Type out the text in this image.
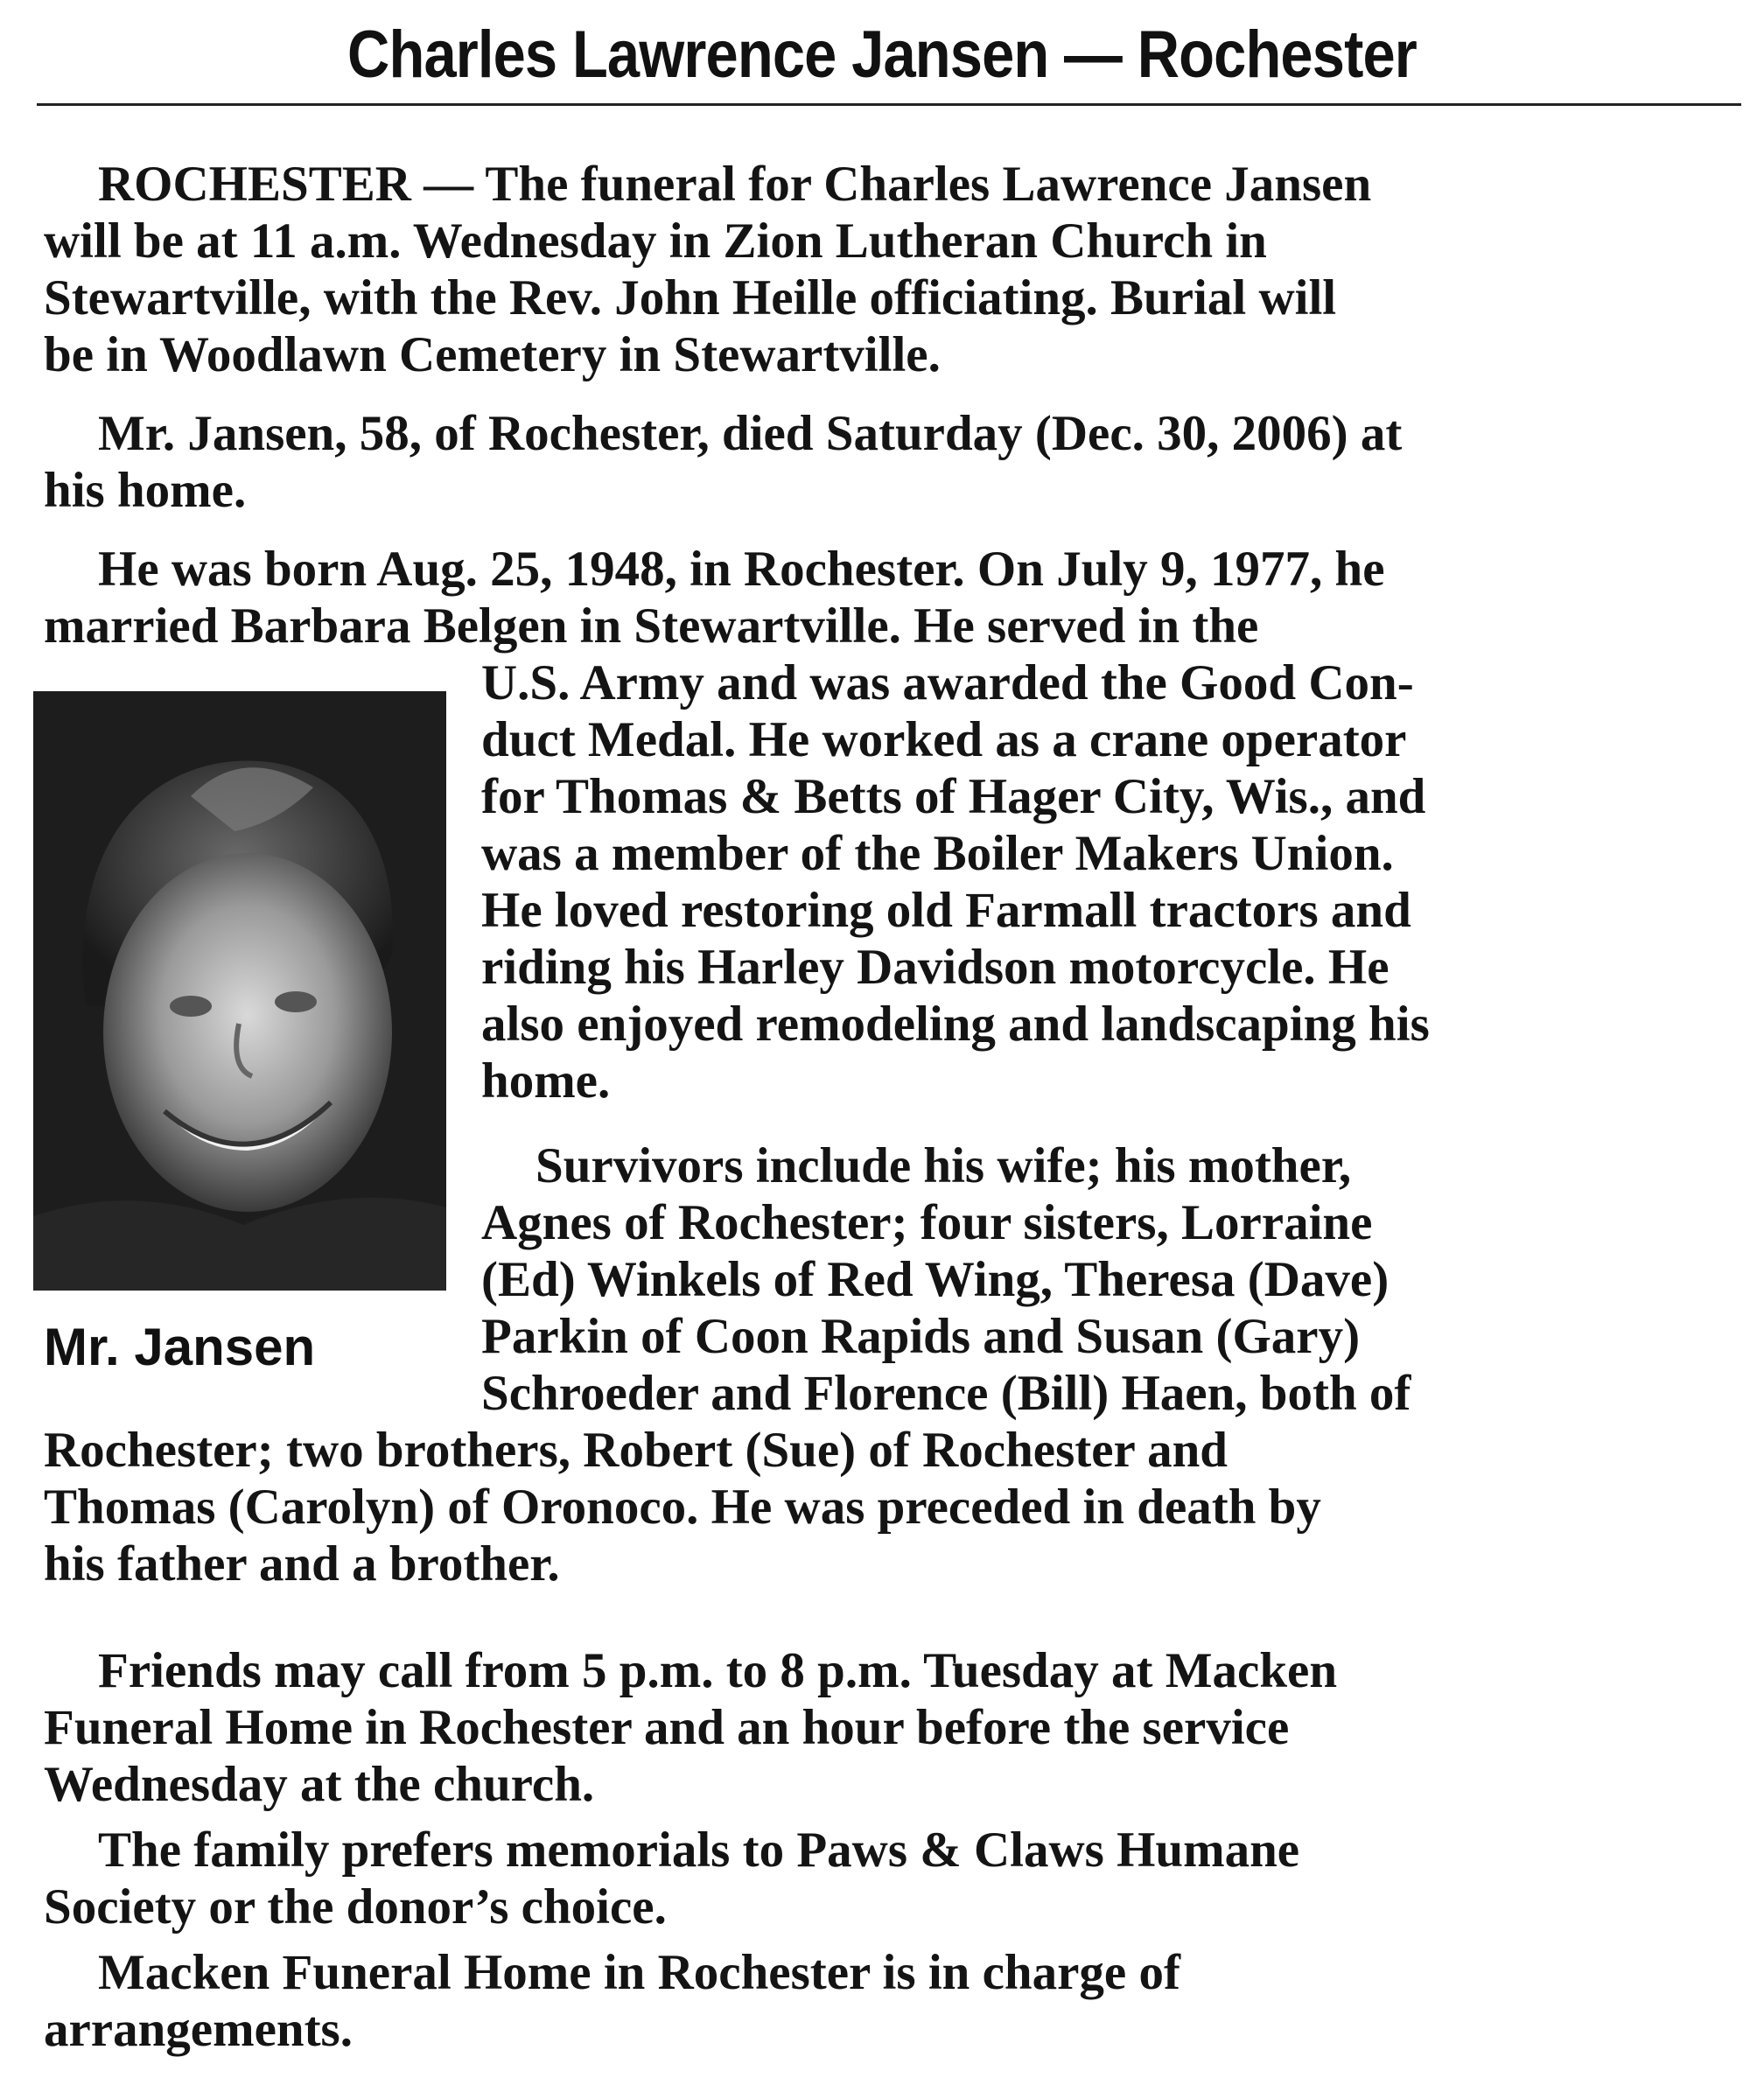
Charles Lawrence Jansen — Rochester
ROCHESTER — The funeral for Charles Lawrence Jansen
will be at 11 a.m. Wednesday in Zion Lutheran Church in
Stewartville, with the Rev. John Heille officiating. Burial will
be in Woodlawn Cemetery in Stewartville.
Mr. Jansen, 58, of Rochester, died Saturday (Dec. 30, 2006) at
his home.
He was born Aug. 25, 1948, in Rochester. On July 9, 1977, he
married Barbara Belgen in Stewartville. He served in the
Mr. Jansen
U.S. Army and was awarded the Good Con-
duct Medal. He worked as a crane operator
for Thomas & Betts of Hager City, Wis., and
was a member of the Boiler Makers Union.
He loved restoring old Farmall tractors and
riding his Harley Davidson motorcycle. He
also enjoyed remodeling and landscaping his
home.
Survivors include his wife; his mother,
Agnes of Rochester; four sisters, Lorraine
(Ed) Winkels of Red Wing, Theresa (Dave)
Parkin of Coon Rapids and Susan (Gary)
Schroeder and Florence (Bill) Haen, both of
Rochester; two brothers, Robert (Sue) of Rochester and
Thomas (Carolyn) of Oronoco. He was preceded in death by
his father and a brother.
Friends may call from 5 p.m. to 8 p.m. Tuesday at Macken
Funeral Home in Rochester and an hour before the service
Wednesday at the church.
The family prefers memorials to Paws & Claws Humane
Society or the donor’s choice.
Macken Funeral Home in Rochester is in charge of
arrangements.
